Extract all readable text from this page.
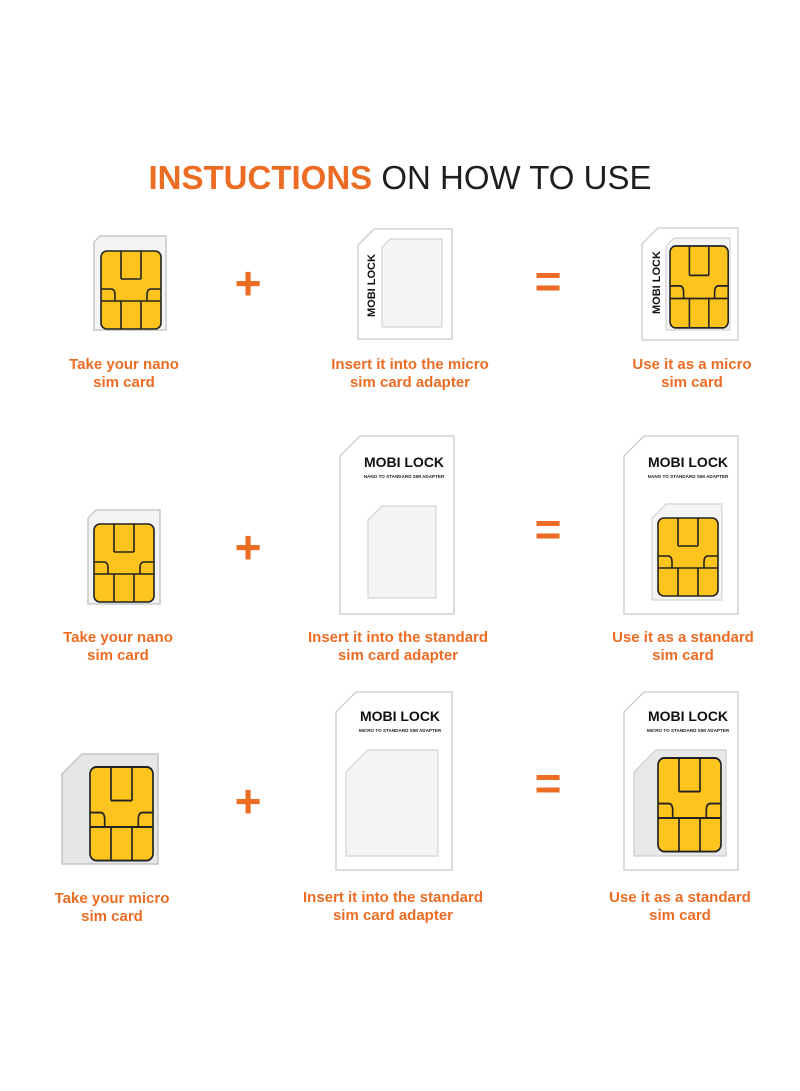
INSTUCTIONS ON HOW TO USE
+	MOBI LOCK	=	MOBI LOCK
Take your nano
sim card
Insert it into the micro
sim card adapter
Use it as a micro
sim card
+
MOBI LOCK
NANO TO STANDARD SIM ADAPTER
=
MOBI LOCK
NANO TO STANDARD SIM ADAPTER
Take your nano
sim card
Insert it into the standard
sim card adapter
Use it as a standard
sim card
+
MOBI LOCK
MICRO TO STANDARD SIM ADAPTER
=
MOBI LOCK
MICRO TO STANDARD SIM ADAPTER
Take your micro
sim card
Insert it into the standard
sim card adapter
Use it as a standard
sim card
